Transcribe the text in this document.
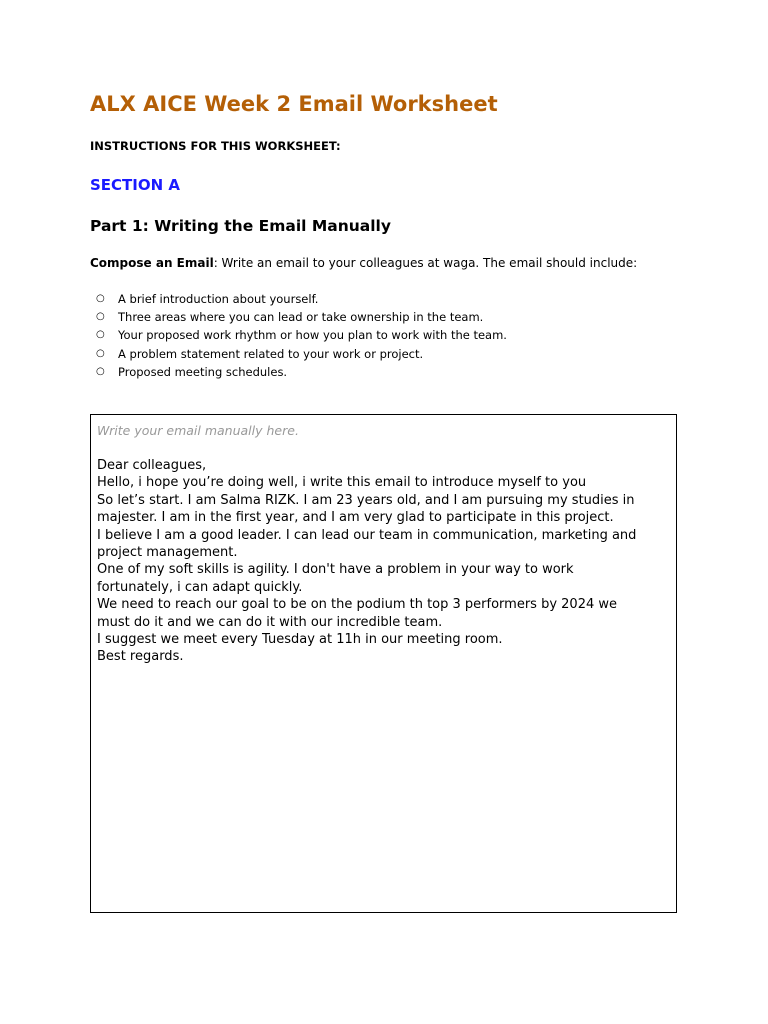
ALX AICE Week 2 Email Worksheet

INSTRUCTIONS FOR THIS WORKSHEET:

SECTION A
Part 1: Writing the Email Manually

Compose an Email: Write an email to your colleagues at waga. The email should include:

○ A brief introduction about yourself.
○ Three areas where you can lead or take ownership in the team.
○ Your proposed work rhythm or how you plan to work with the team.
○ A problem statement related to your work or project.
○ Proposed meeting schedules.

Write your email manually here.

Dear colleagues,
Hello, i hope you’re doing well, i write this email to introduce myself to you
So let’s start. I am Salma RIZK. I am 23 years old, and I am pursuing my studies in
majester. I am in the first year, and I am very glad to participate in this project.
I believe I am a good leader. I can lead our team in communication, marketing and
project management.
One of my soft skills is agility. I don't have a problem in your way to work
fortunately, i can adapt quickly.
We need to reach our goal to be on the podium th top 3 performers by 2024 we
must do it and we can do it with our incredible team.
I suggest we meet every Tuesday at 11h in our meeting room.
Best regards.
